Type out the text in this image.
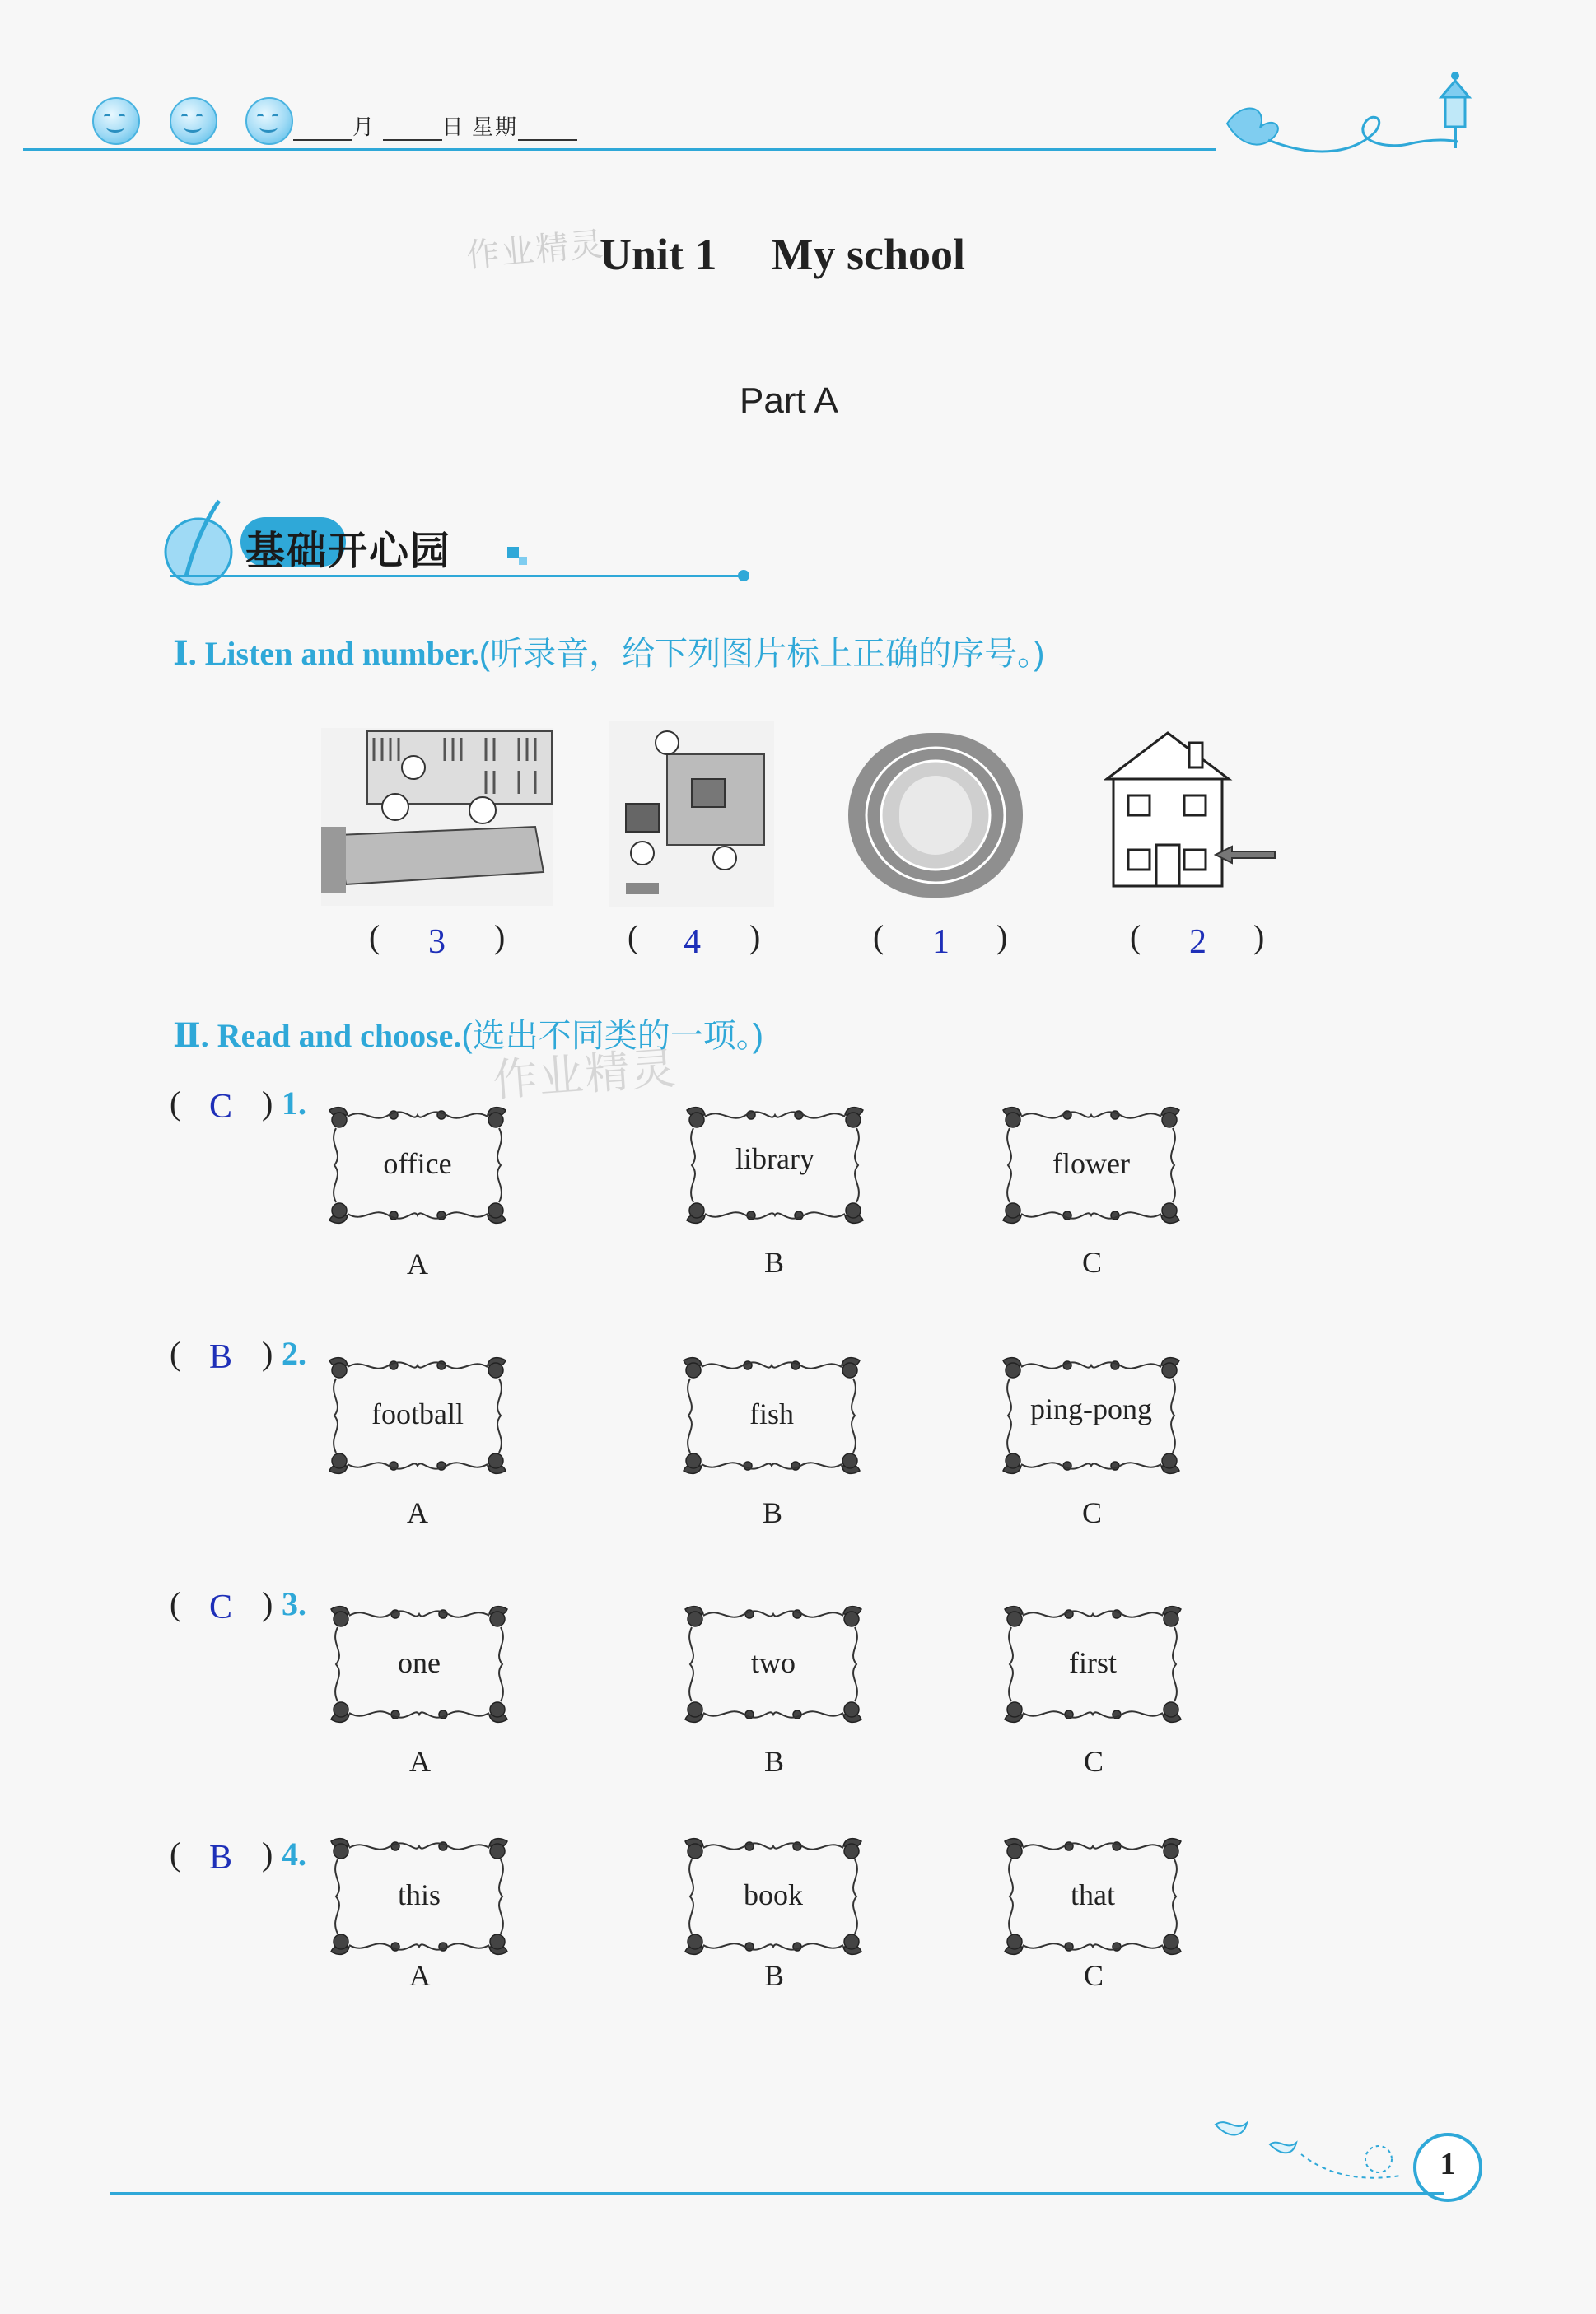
月	日 星期
作业精灵
作业精灵
Unit 1 My school
Part A
基础开心园
Ⅰ. Listen and number.(听录音，给下列图片标上正确的序号。)
( 3 )	( 4 )	( 1 )	( 2 )
Ⅱ. Read and choose.(选出不同类的一项。)
( C ) 1.
office
A
library
B
flower
C
( B ) 2.
football
A
fish
B
ping-pong
C
( C ) 3.
one
A
two
B
first
C
( B ) 4.
this
A
book
B
that
C
1
